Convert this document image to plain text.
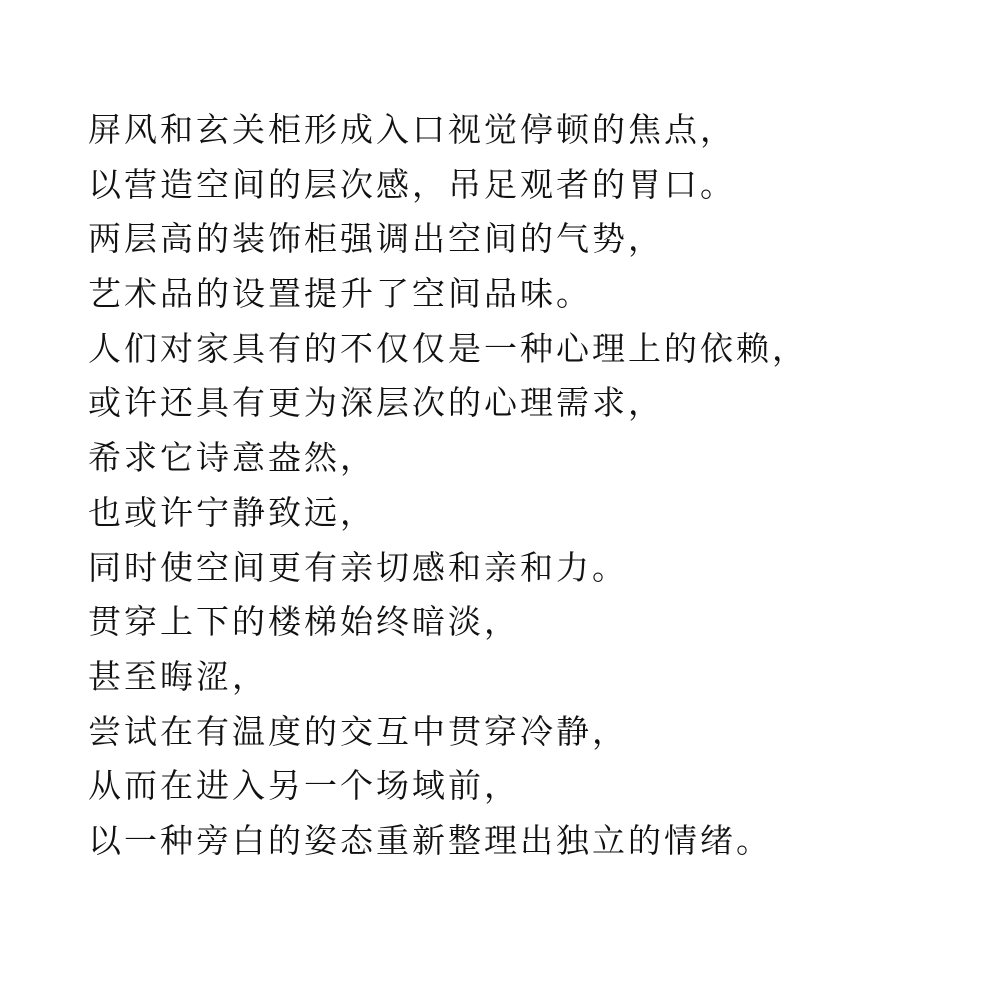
屏风和玄关柜形成入口视觉停顿的焦点，
以营造空间的层次感，吊足观者的胃口。
两层高的装饰柜强调出空间的气势，
艺术品的设置提升了空间品味。
人们对家具有的不仅仅是一种心理上的依赖，
或许还具有更为深层次的心理需求，
希求它诗意盎然，
也或许宁静致远，
同时使空间更有亲切感和亲和力。
贯穿上下的楼梯始终暗淡，
甚至晦涩，
尝试在有温度的交互中贯穿冷静，
从而在进入另一个场域前，
以一种旁白的姿态重新整理出独立的情绪。
